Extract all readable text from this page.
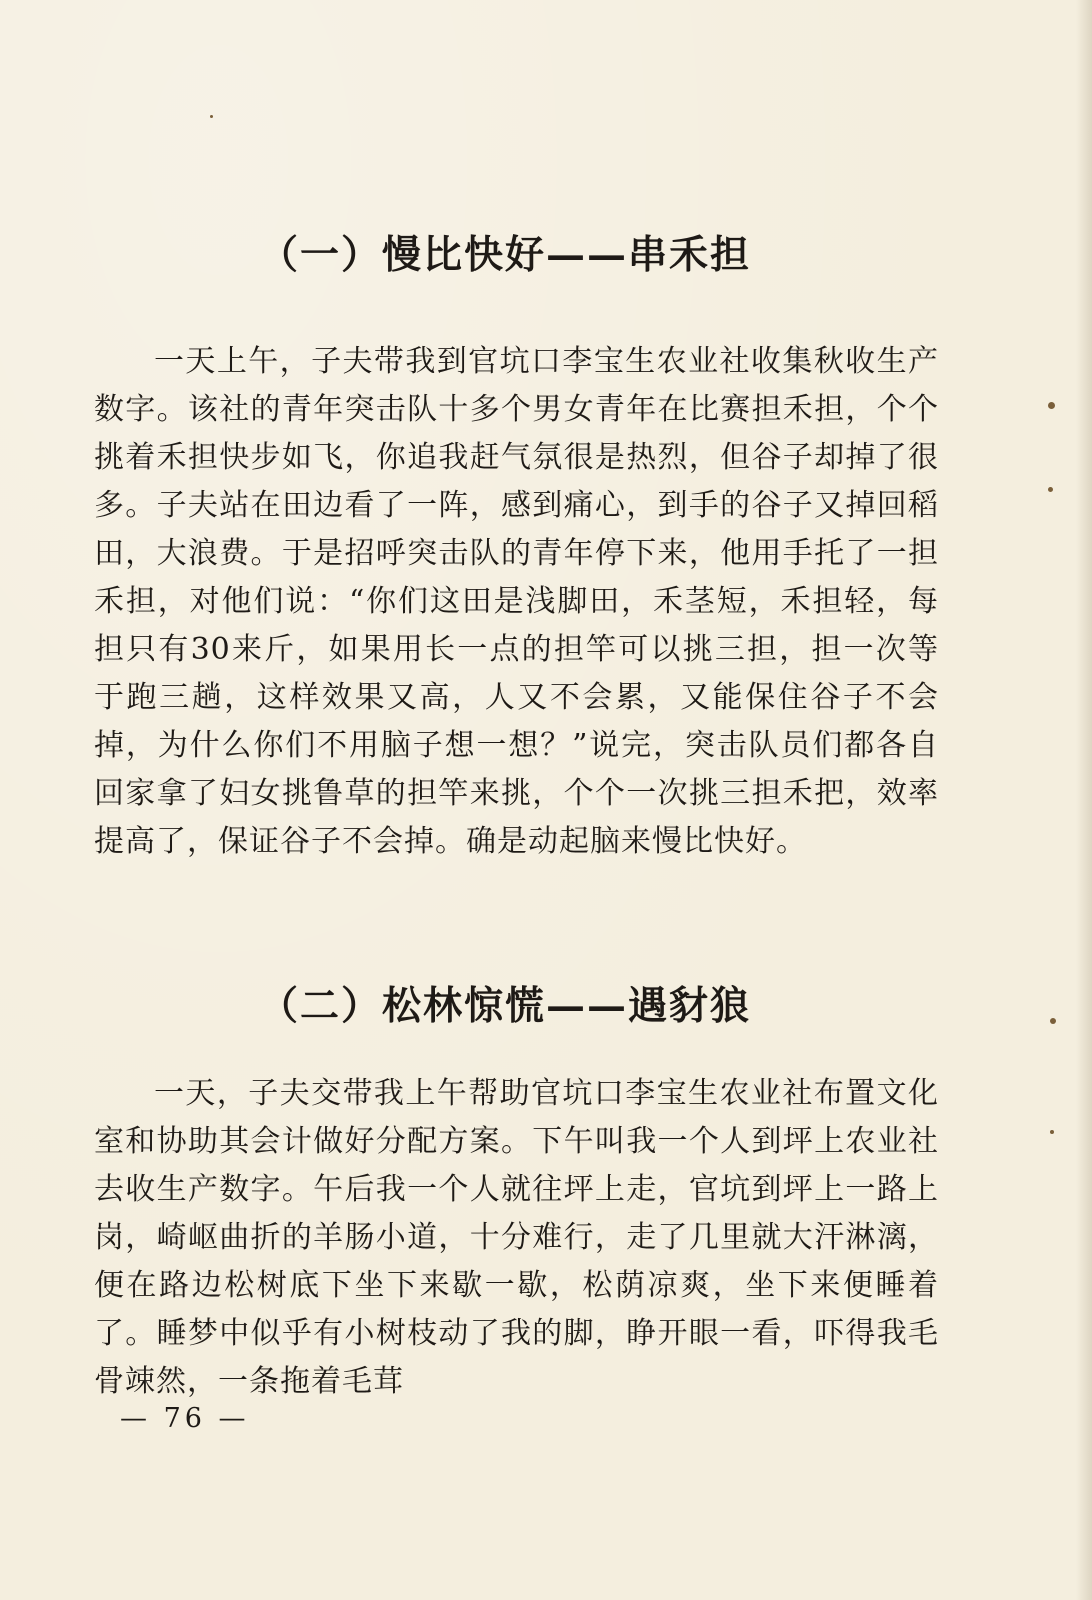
（一）慢比快好——串禾担
一天上午，子夫带我到官坑口李宝生农业社收集秋收生产数字。该社的青年突击队十多个男女青年在比赛担禾担，个个挑着禾担快步如飞，你追我赶气氛很是热烈，但谷子却掉了很多。子夫站在田边看了一阵，感到痛心，到手的谷子又掉回稻田，大浪费。于是招呼突击队的青年停下来，他用手托了一担禾担，对他们说：“你们这田是浅脚田，禾茎短，禾担轻，每担只有30来斤，如果用长一点的担竿可以挑三担，担一次等于跑三趟，这样效果又高，人又不会累，又能保住谷子不会掉，为什么你们不用脑子想一想？”说完，突击队员们都各自回家拿了妇女挑鲁草的担竿来挑，个个一次挑三担禾把，效率提高了，保证谷子不会掉。确是动起脑来慢比快好。
（二）松林惊慌——遇豺狼
一天，子夫交带我上午帮助官坑口李宝生农业社布置文化室和协助其会计做好分配方案。下午叫我一个人到坪上农业社去收生产数字。午后我一个人就往坪上走，官坑到坪上一路上岗，崎岖曲折的羊肠小道，十分难行，走了几里就大汗淋漓，便在路边松树底下坐下来歇一歇，松荫凉爽，坐下来便睡着了。睡梦中似乎有小树枝动了我的脚，睁开眼一看，吓得我毛骨竦然，一条拖着毛茸
— 76 —
